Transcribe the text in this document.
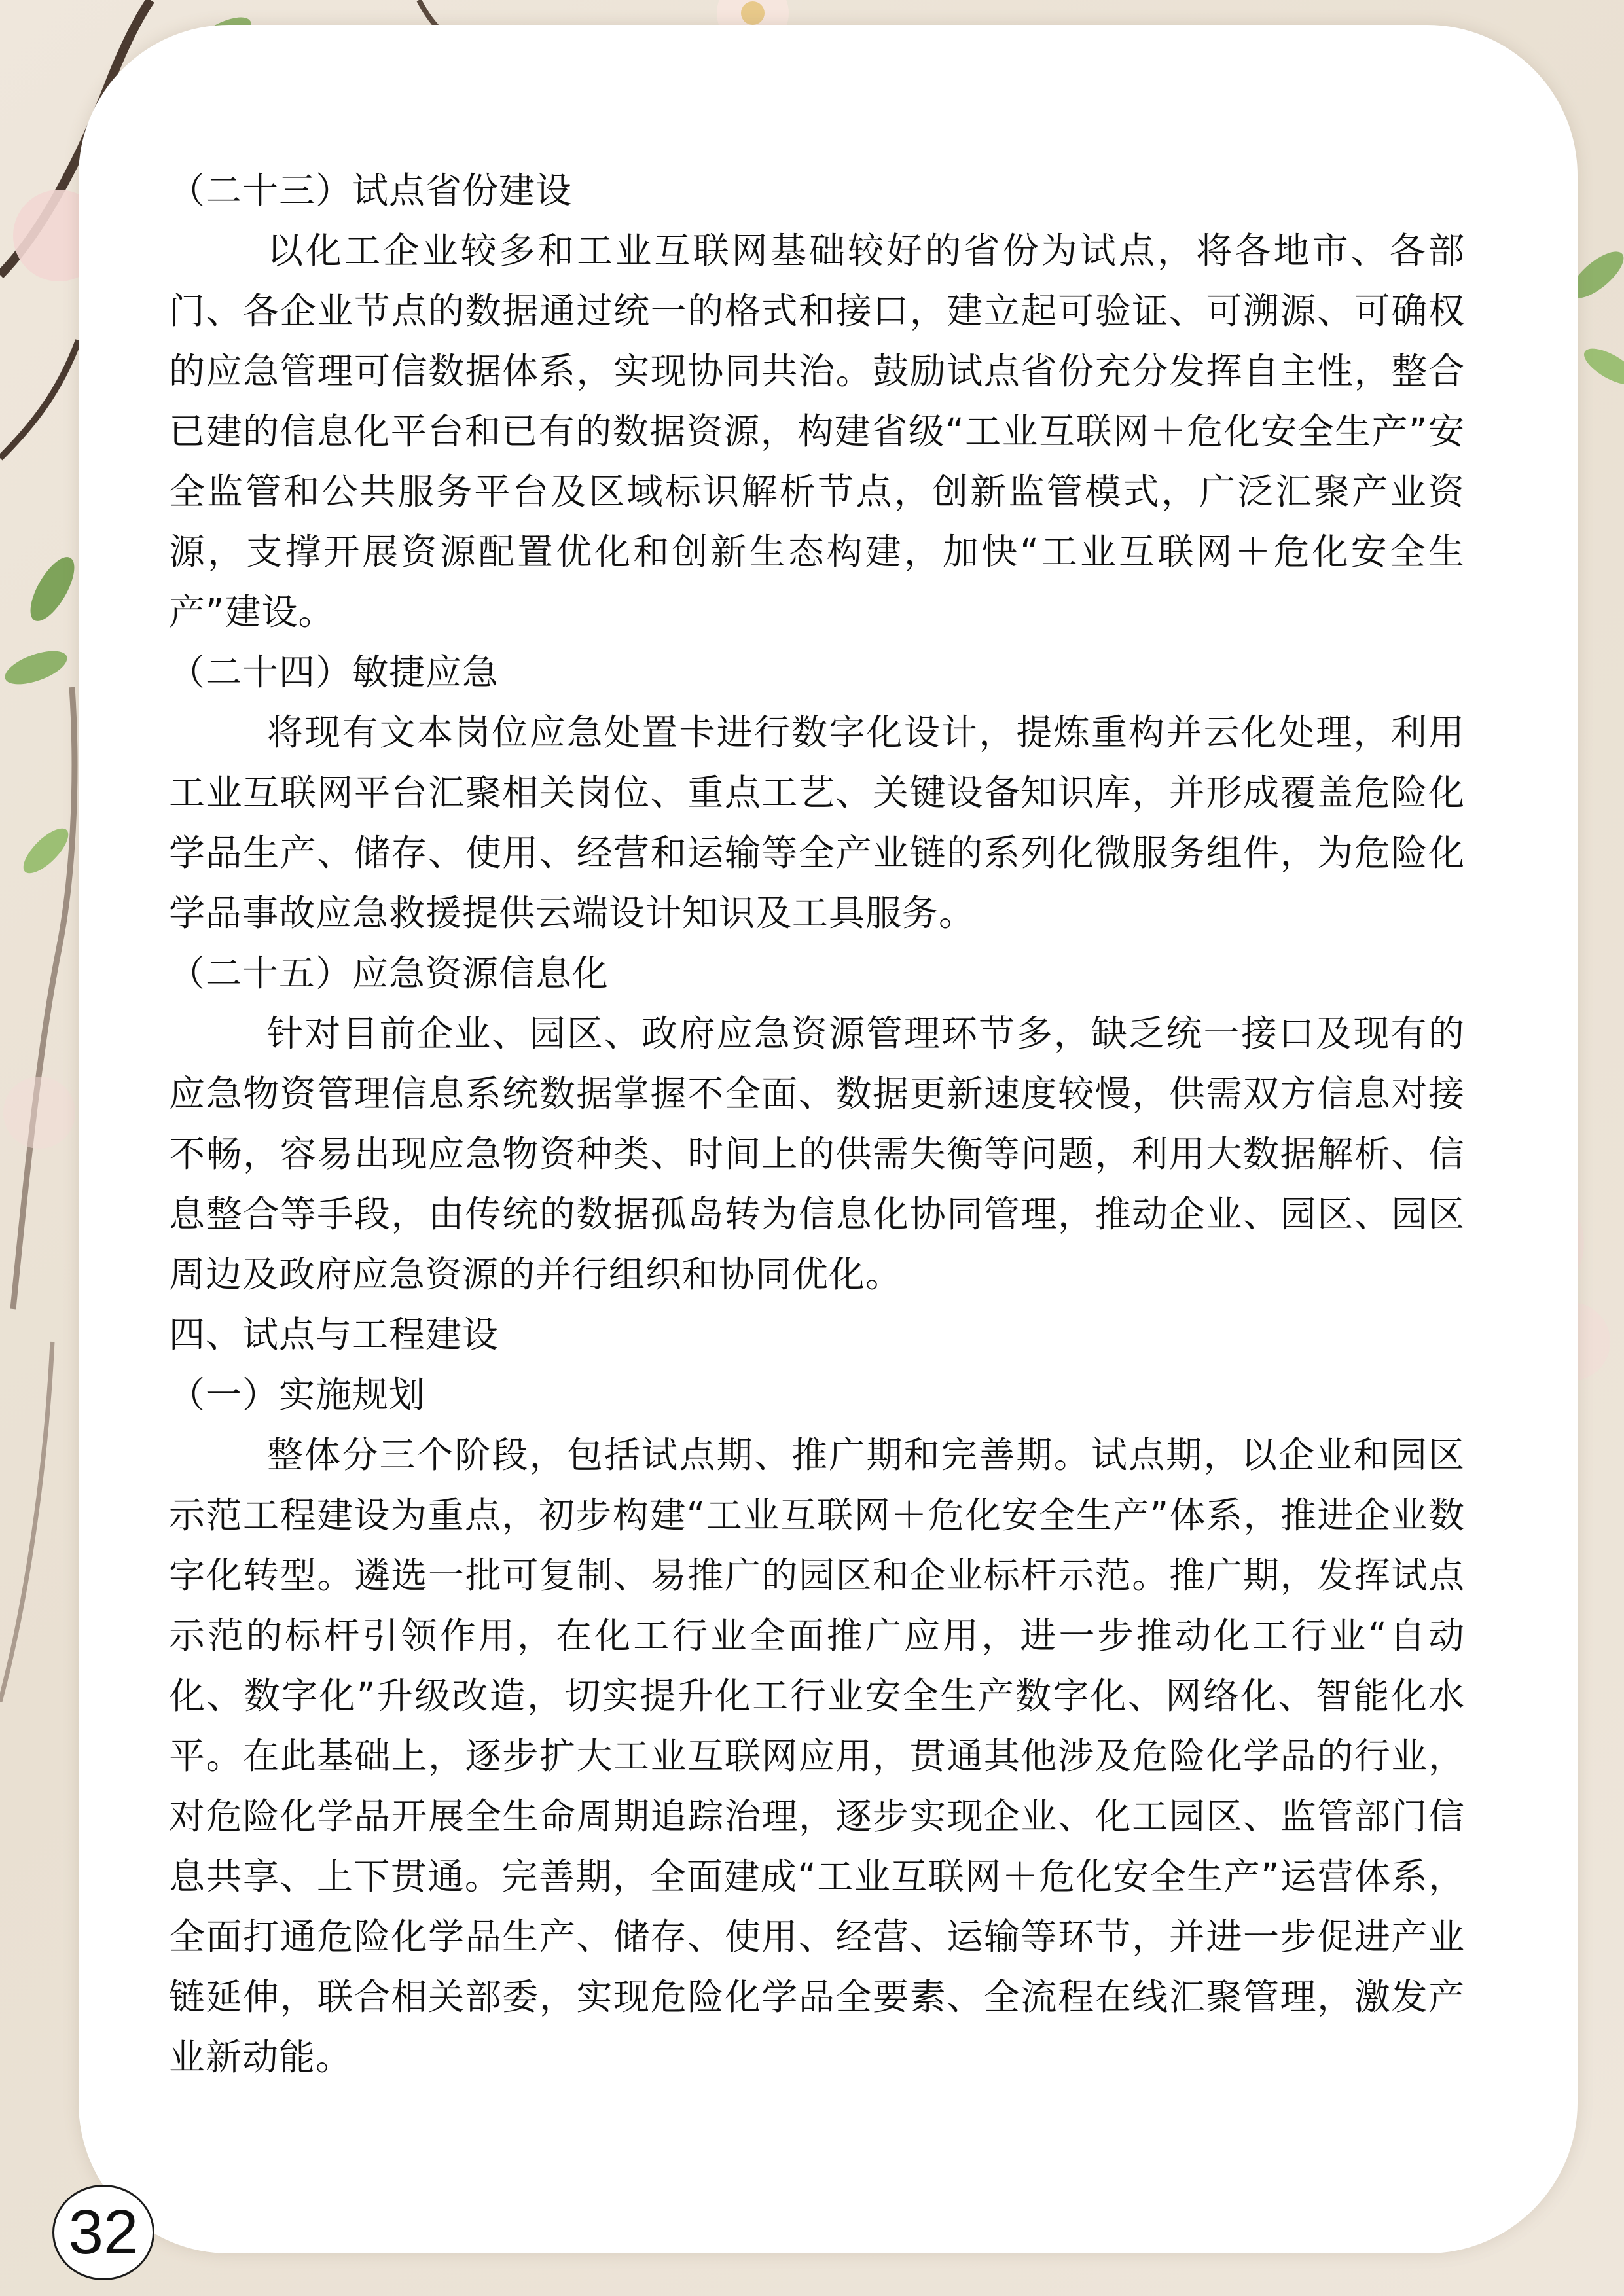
（二十三）试点省份建设

以化工企业较多和工业互联网基础较好的省份为试点，将各地市、各部门、各企业节点的数据通过统一的格式和接口，建立起可验证、可溯源、可确权的应急管理可信数据体系，实现协同共治。鼓励试点省份充分发挥自主性，整合已建的信息化平台和已有的数据资源，构建省级“工业互联网＋危化安全生产”安全监管和公共服务平台及区域标识解析节点，创新监管模式，广泛汇聚产业资源，支撑开展资源配置优化和创新生态构建，加快“工业互联网＋危化安全生产”建设。

（二十四）敏捷应急

将现有文本岗位应急处置卡进行数字化设计，提炼重构并云化处理，利用工业互联网平台汇聚相关岗位、重点工艺、关键设备知识库，并形成覆盖危险化学品生产、储存、使用、经营和运输等全产业链的系列化微服务组件，为危险化学品事故应急救援提供云端设计知识及工具服务。

（二十五）应急资源信息化

针对目前企业、园区、政府应急资源管理环节多，缺乏统一接口及现有的应急物资管理信息系统数据掌握不全面、数据更新速度较慢，供需双方信息对接不畅，容易出现应急物资种类、时间上的供需失衡等问题，利用大数据解析、信息整合等手段，由传统的数据孤岛转为信息化协同管理，推动企业、园区、园区周边及政府应急资源的并行组织和协同优化。

四、试点与工程建设

（一）实施规划

整体分三个阶段，包括试点期、推广期和完善期。试点期，以企业和园区示范工程建设为重点，初步构建“工业互联网＋危化安全生产”体系，推进企业数字化转型。遴选一批可复制、易推广的园区和企业标杆示范。推广期，发挥试点示范的标杆引领作用，在化工行业全面推广应用，进一步推动化工行业“自动化、数字化”升级改造，切实提升化工行业安全生产数字化、网络化、智能化水平。在此基础上，逐步扩大工业互联网应用，贯通其他涉及危险化学品的行业，对危险化学品开展全生命周期追踪治理，逐步实现企业、化工园区、监管部门信息共享、上下贯通。完善期，全面建成“工业互联网＋危化安全生产”运营体系，全面打通危险化学品生产、储存、使用、经营、运输等环节，并进一步促进产业链延伸，联合相关部委，实现危险化学品全要素、全流程在线汇聚管理，激发产业新动能。

32
